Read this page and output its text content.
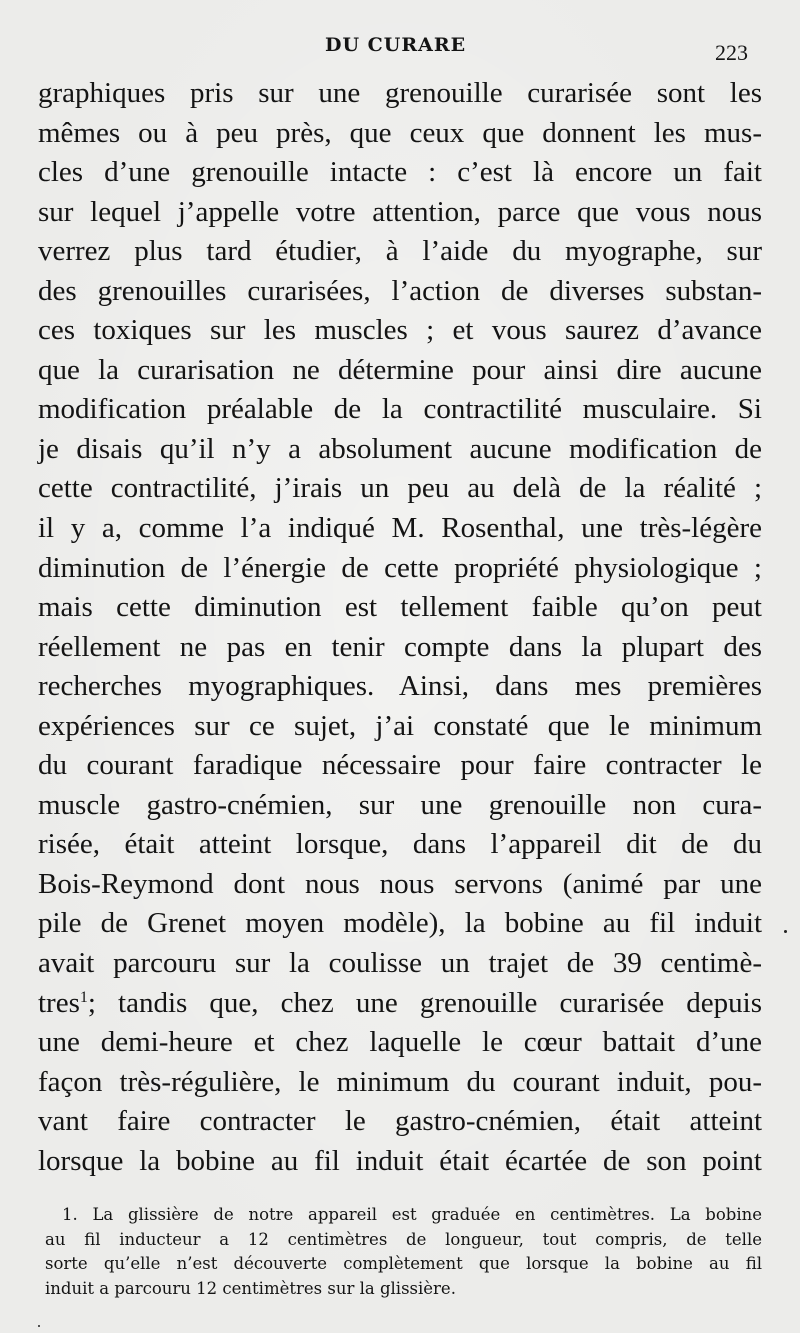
DU CURARE	223
graphiques pris sur une grenouille curarisée sont les
mêmes ou à peu près, que ceux que donnent les mus-
cles d’une grenouille intacte : c’est là encore un fait
sur lequel j’appelle votre attention, parce que vous nous
verrez plus tard étudier, à l’aide du myographe, sur
des grenouilles curarisées, l’action de diverses substan-
ces toxiques sur les muscles ; et vous saurez d’avance
que la curarisation ne détermine pour ainsi dire aucune
modification préalable de la contractilité musculaire. Si
je disais qu’il n’y a absolument aucune modification de
cette contractilité, j’irais un peu au delà de la réalité ;
il y a, comme l’a indiqué M. Rosenthal, une très-légère
diminution de l’énergie de cette propriété physiologique ;
mais cette diminution est tellement faible qu’on peut
réellement ne pas en tenir compte dans la plupart des
recherches myographiques. Ainsi, dans mes premières
expériences sur ce sujet, j’ai constaté que le minimum
du courant faradique nécessaire pour faire contracter le
muscle gastro-cnémien, sur une grenouille non cura-
risée, était atteint lorsque, dans l’appareil dit de du
Bois-Reymond dont nous nous servons (animé par une
pile de Grenet moyen modèle), la bobine au fil induit
avait parcouru sur la coulisse un trajet de 39 centimè-
tres$^1$; tandis que, chez une grenouille curarisée depuis
une demi-heure et chez laquelle le cœur battait d’une
façon très-régulière, le minimum du courant induit, pou-
vant faire contracter le gastro-cnémien, était atteint
lorsque la bobine au fil induit était écartée de son point
1. La glissière de notre appareil est graduée en centimètres. La bobine
au fil inducteur a 12 centimètres de longueur, tout compris, de telle
sorte qu’elle n’est découverte complètement que lorsque la bobine au fil
induit a parcouru 12 centimètres sur la glissière.
